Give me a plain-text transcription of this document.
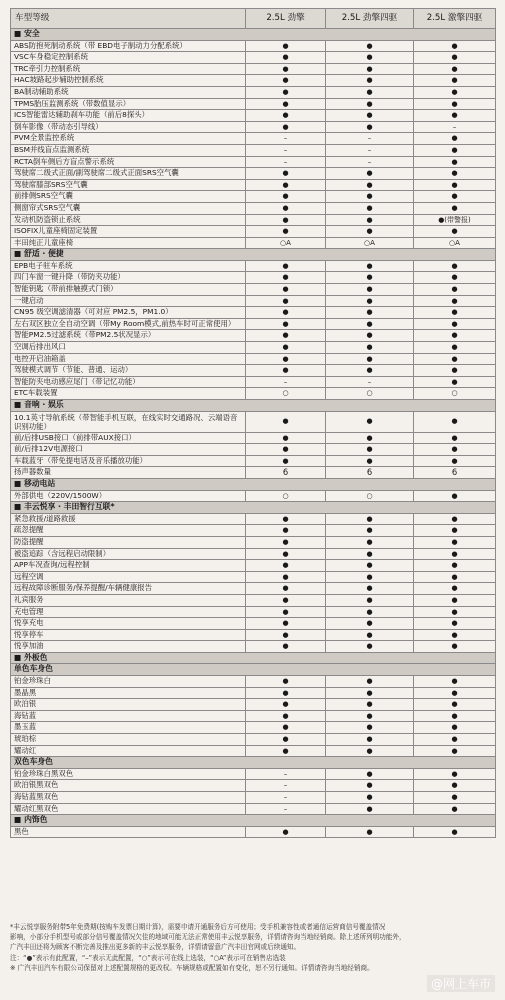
车型等级	2.5L 劲擎	2.5L 劲擎四驱	2.5L 激擎四驱
■ 安全			
ABS防抱死制动系统（带 EBD电子制动力分配系统）	●	●	●
VSC车身稳定控制系统	●	●	●
TRC牵引力控制系统	●	●	●
HAC坡路起步辅助控制系统	●	●	●
BA制动辅助系统	●	●	●
TPMS胎压监测系统（带数值显示）	●	●	●
ICS智能雷达辅助刹车功能（前后8探头）	●	●	●
倒车影像（带动态引导线）	●	●	–
PVM全景监控系统	–	–	●
BSM并线盲点监测系统	–	–	●
RCTA倒车侧后方盲点警示系统	–	–	●
驾驶席二级式正面/副驾驶席二级式正面SRS空气囊	●	●	●
驾驶席膝部SRS空气囊	●	●	●
前排侧SRS空气囊	●	●	●
侧窗帘式SRS空气囊	●	●	●
发动机防盗锁止系统	●	●	●(带警报)
ISOFIX儿童座椅固定装置	●	●	●
丰田纯正儿童座椅	○A	○A	○A
■ 舒适 · 便捷			
EPB电子驻车系统	●	●	●
四门车窗一键升降（带防夹功能）	●	●	●
智能钥匙（带前排触摸式门锁）	●	●	●
一键启动	●	●	●
CN95 级空调滤清器（可对应 PM2.5，PM1.0）	●	●	●
左右双区独立全自动空调（带My Room模式,前热车时可正常使用）	●	●	●
智能PM2.5过滤系统（带PM2.5状况显示）	●	●	●
空调后排出风口	●	●	●
电控开启油箱盖	●	●	●
驾驶模式调节（节能、普通、运动）	●	●	●
智能防夹电动感应尾门（带记忆功能）	–	–	●
ETC车载装置	○	○	○
■ 音响 · 娱乐			
10.1英寸导航系统（带智能手机互联，在线实时交通路况、云端语音识别功能）	●	●	●
前/后排USB接口（前排带AUX接口）	●	●	●
前/后排12V电源接口	●	●	●
车载蓝牙（带免提电话及音乐播放功能）	●	●	●
扬声器数量	6	6	6
■ 移动电站			
外部供电（220V/1500W）	○	○	●
■ 丰云悦享 · 丰田智行互联*			
紧急救援/道路救援	●	●	●
疏忽提醒	●	●	●
防盗提醒	●	●	●
被盗追踪（含远程启动限制）	●	●	●
APP车况查询/远程控制	●	●	●
远程空调	●	●	●
远程故障诊断服务/保养提醒/车辆健康报告	●	●	●
礼宾服务	●	●	●
充电管理	●	●	●
悦享充电	●	●	●
悦享停车	●	●	●
悦享加油	●	●	●
■ 外板色			
单色车身色			
铂金珍珠白	●	●	●
墨晶黑	●	●	●
欧泊银	●	●	●
海钻蓝	●	●	●
墨玉蓝	●	●	●
琥珀棕	●	●	●
耀动红	●	●	●
双色车身色			
铂金珍珠白黑双色	–	●	●
欧泊银黑双色	–	●	●
海钻蓝黑双色	–	●	●
耀动红黑双色	–	●	●
■ 内饰色			
黑色	●	●	●
*丰云悦享服务附带5年免费期(按购车发票日期计算)，需要申请开通服务后方可使用；受手机兼容性或者通信运营商信号覆盖情况
影响，小部分手机型号或部分信号覆盖情况欠佳的地域可能无法正常使用丰云悦享服务，详情请咨询当地经销商。除上述所列明功能外，
广汽丰田还将为顾客不断完善及推出更多新的丰云悦享服务，详情请留意广汽丰田官网或后续通知。
注：“●”表示有此配置，“–”表示无此配置，“○”表示可在线上选装，“○A”表示可在销售店选装
※ 广汽丰田汽车有限公司保留对上述配置规格的更改权。车辆规格或配置如有变化，恕不另行通知。详情请咨询当地经销商。
@网上车市
